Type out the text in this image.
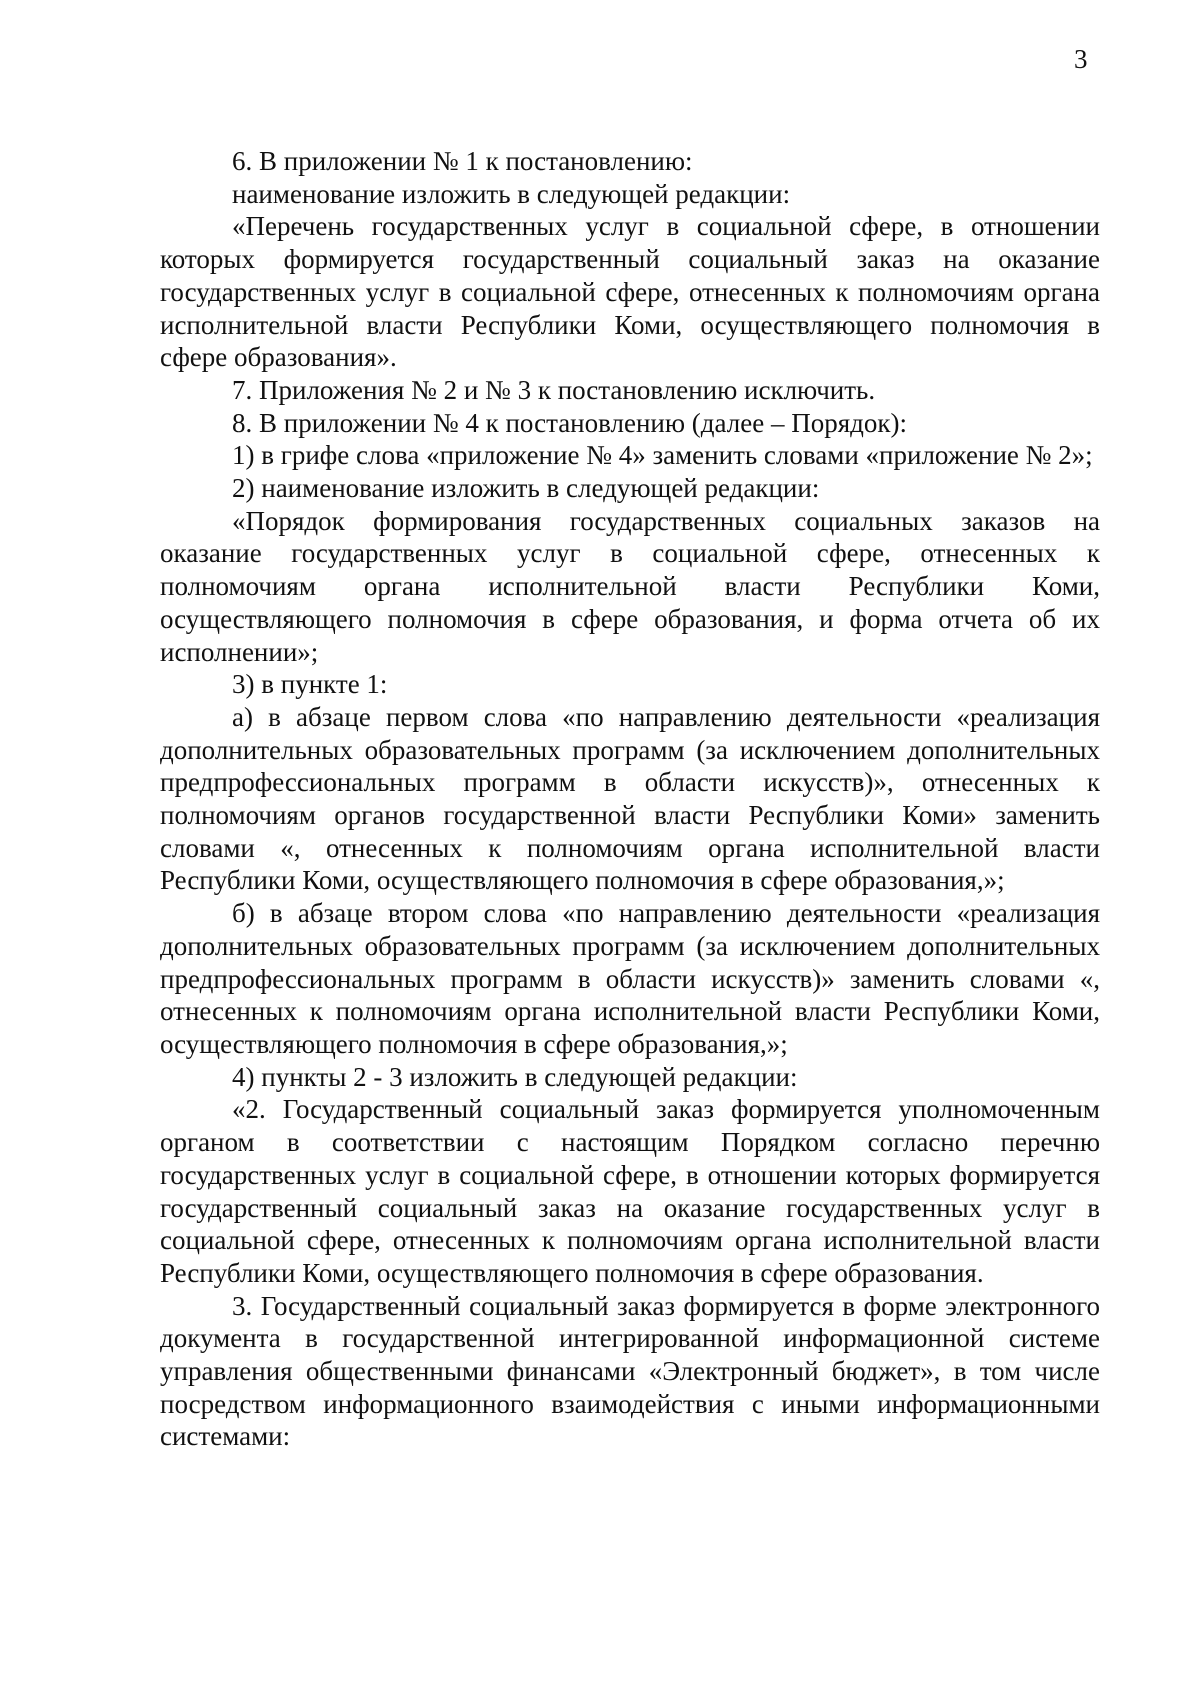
3

6. В приложении № 1 к постановлению:

наименование изложить в следующей редакции:

«Перечень государственных услуг в социальной сфере, в отношении которых формируется государственный социальный заказ на оказание государственных услуг в социальной сфере, отнесенных к полномочиям органа исполнительной власти Республики Коми, осуществляющего полномочия в сфере образования».

7. Приложения № 2 и № 3 к постановлению исключить.

8. В приложении № 4 к постановлению (далее – Порядок):

1) в грифе слова «приложение № 4» заменить словами «приложение № 2»;

2) наименование изложить в следующей редакции:

«Порядок формирования государственных социальных заказов на оказание государственных услуг в социальной сфере, отнесенных к полномочиям органа исполнительной власти Республики Коми, осуществляющего полномочия в сфере образования, и форма отчета об их исполнении»;

3) в пункте 1:

а) в абзаце первом слова «по направлению деятельности «реализация дополнительных образовательных программ (за исключением дополнительных предпрофессиональных программ в области искусств)», отнесенных к полномочиям органов государственной власти Республики Коми» заменить словами «, отнесенных к полномочиям органа исполнительной власти Республики Коми, осуществляющего полномочия в сфере образования,»;

б) в абзаце втором слова «по направлению деятельности «реализация дополнительных образовательных программ (за исключением дополнительных предпрофессиональных программ в области искусств)» заменить словами «, отнесенных к полномочиям органа исполнительной власти Республики Коми, осуществляющего полномочия в сфере образования,»;

4) пункты 2 - 3 изложить в следующей редакции:

«2. Государственный социальный заказ формируется уполномоченным органом в соответствии с настоящим Порядком согласно перечню государственных услуг в социальной сфере, в отношении которых формируется государственный социальный заказ на оказание государственных услуг в социальной сфере, отнесенных к полномочиям органа исполнительной власти Республики Коми, осуществляющего полномочия в сфере образования.

3. Государственный социальный заказ формируется в форме электронного документа в государственной интегрированной информационной системе управления общественными финансами «Электронный бюджет», в том числе посредством информационного взаимодействия с иными информационными системами:
